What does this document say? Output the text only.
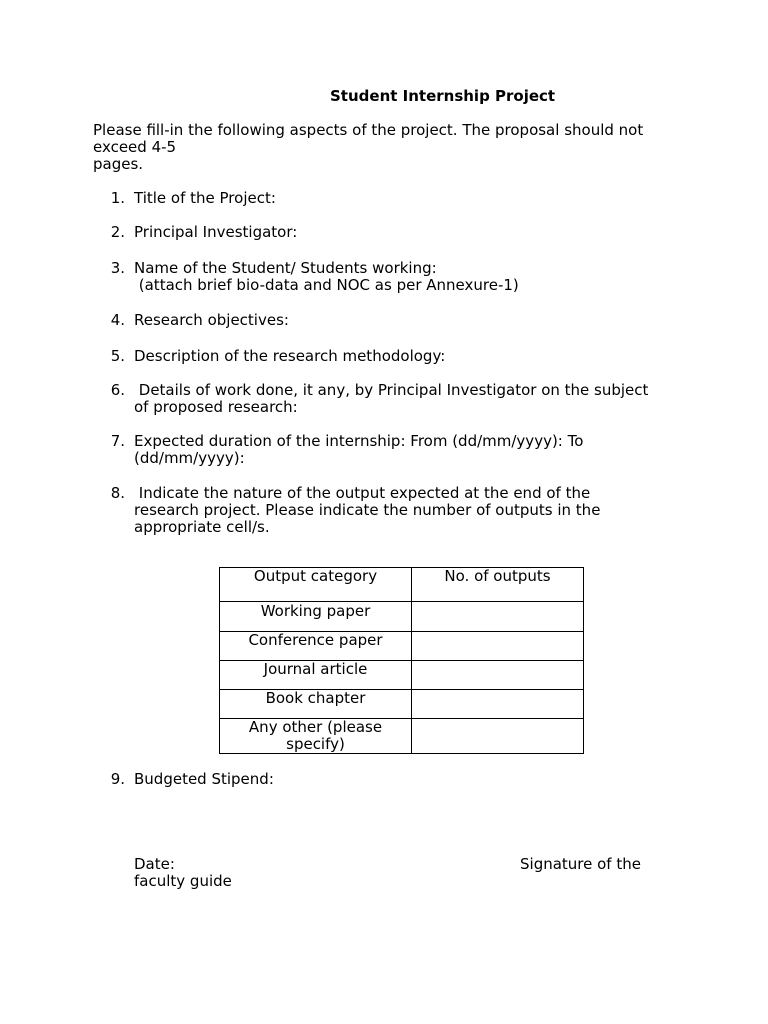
Student Internship Project
Please fill-in the following aspects of the project. The proposal should not
exceed 4-5
pages.
1. Title of the Project:
2. Principal Investigator:
3. Name of the Student/ Students working:
(attach brief bio-data and NOC as per Annexure-1)
4. Research objectives:
5. Description of the research methodology:
6. Details of work done, it any, by Principal Investigator on the subject
of proposed research:
7. Expected duration of the internship: From (dd/mm/yyyy): To
(dd/mm/yyyy):
8. Indicate the nature of the output expected at the end of the
research project. Please indicate the number of outputs in the
appropriate cell/s.
Output category	No. of outputs
Working paper	
Conference paper	
Journal article	
Book chapter	
Any other (please specify)	
9. Budgeted Stipend:
Date:	Signature of the
faculty guide
